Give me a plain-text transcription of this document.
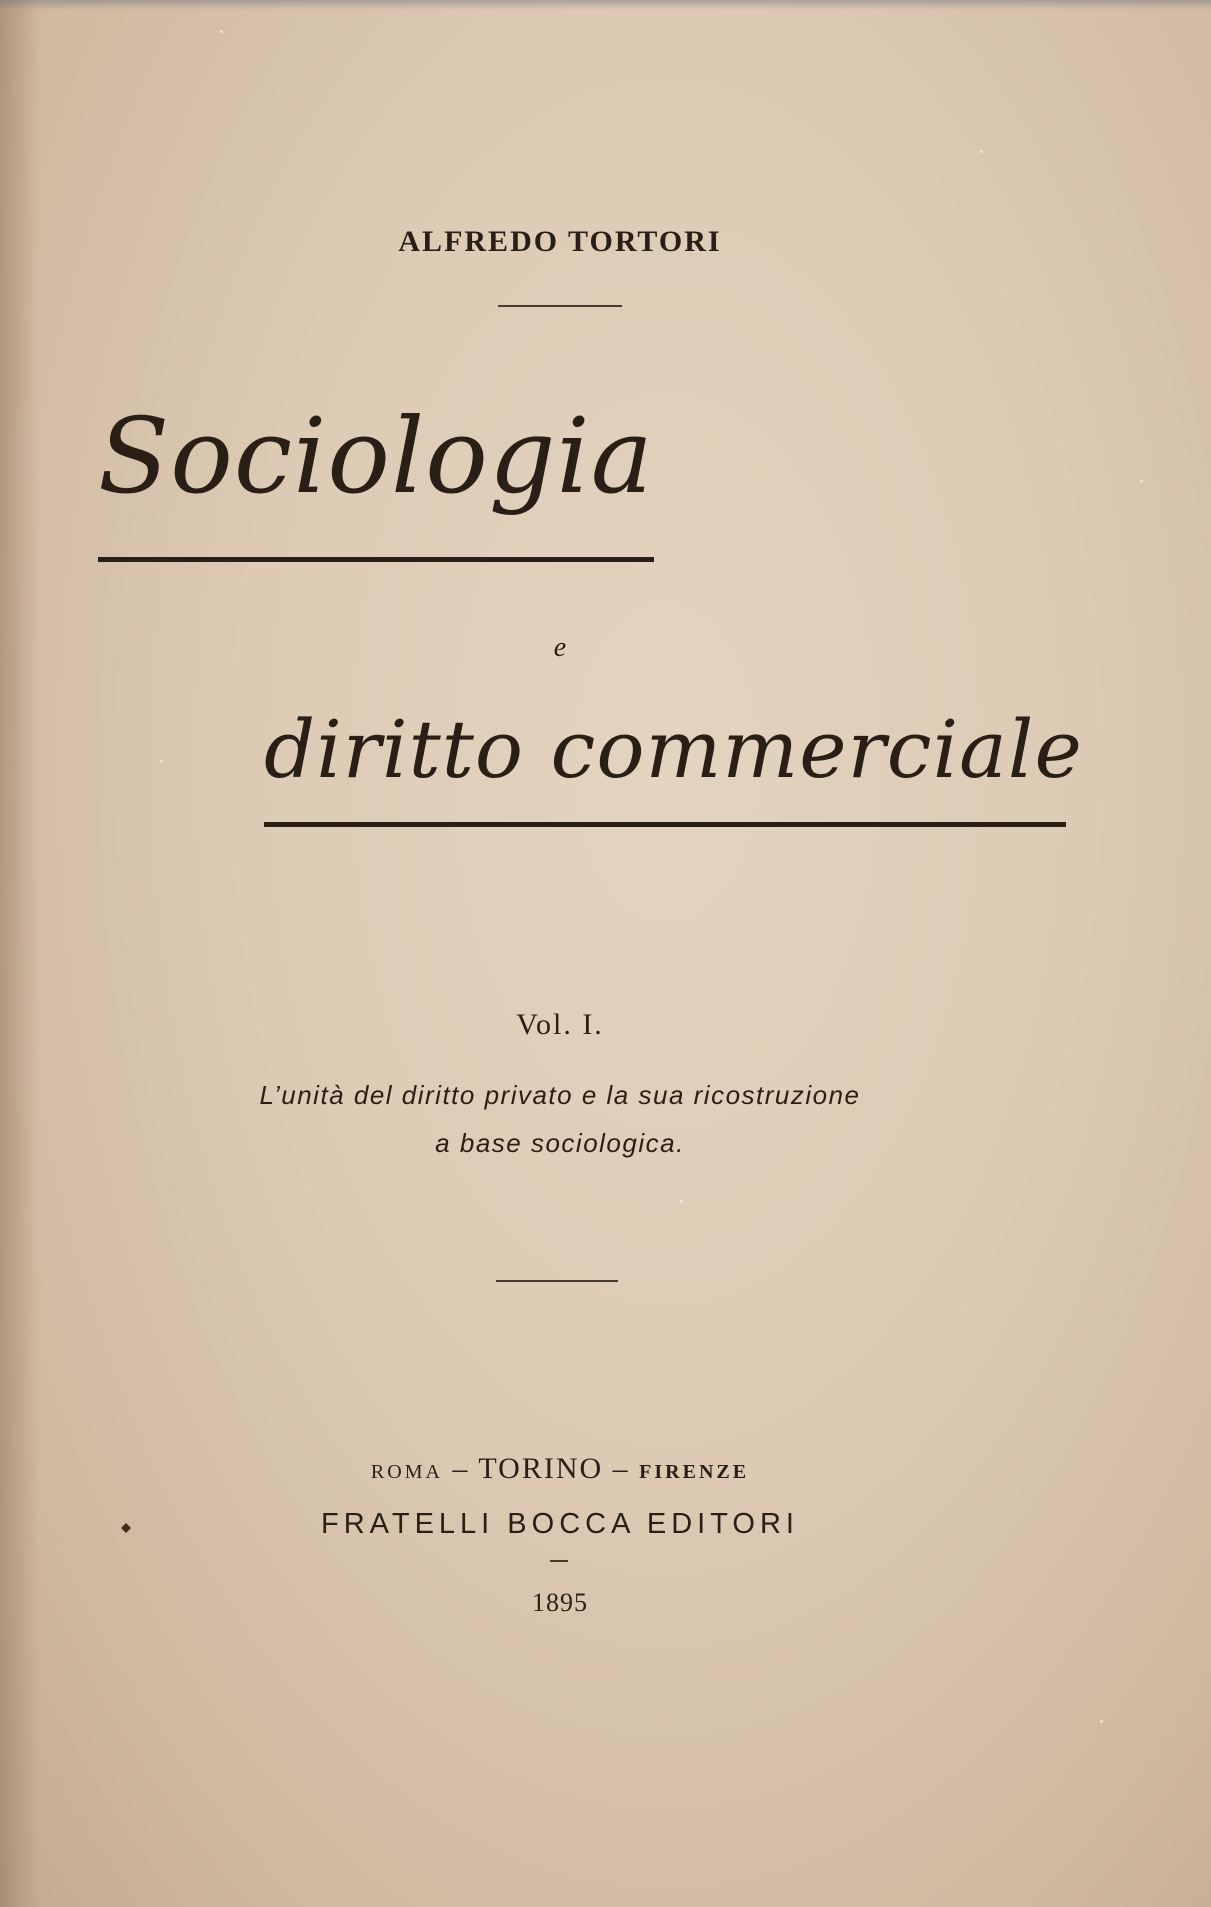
ALFREDO TORTORI
Sociologia
e
diritto commerciale
Vol. I.
L’unità del diritto privato e la sua ricostruzione
a base sociologica.
ROMA – TORINO – FIRENZE
FRATELLI BOCCA EDITORI
1895
